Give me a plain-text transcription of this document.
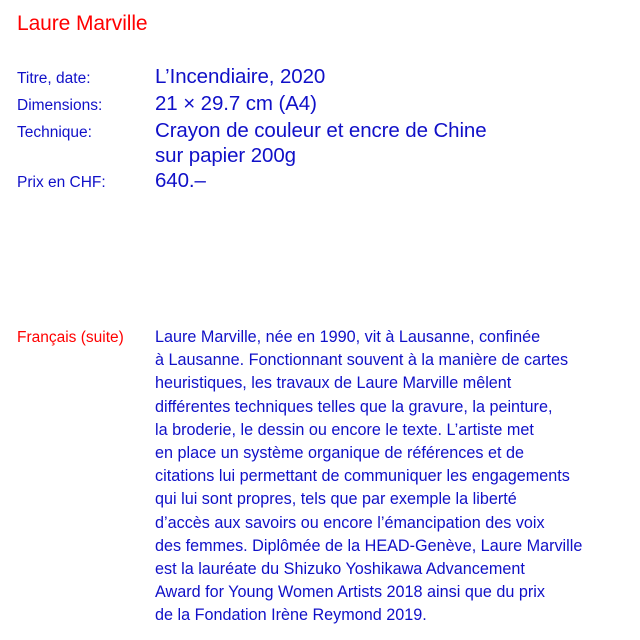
Laure Marville
Titre, date:	L’Incendiaire, 2020
Dimensions:	21 × 29.7 cm (A4)
Technique:	Crayon de couleur et encre de Chine
sur papier 200g
Prix en CHF:	640.–
Français (suite)	Laure Marville, née en 1990, vit à Lausanne, confinée
à Lausanne. Fonctionnant souvent à la manière de cartes
heuristiques, les travaux de Laure Marville mêlent
différentes techniques telles que la gravure, la peinture,
la broderie, le dessin ou encore le texte. L’artiste met
en place un système organique de références et de
citations lui permettant de communiquer les engagements
qui lui sont propres, tels que par exemple la liberté
d’accès aux savoirs ou encore l’émancipation des voix
des femmes. Diplômée de la HEAD-Genève, Laure Marville
est la lauréate du Shizuko Yoshikawa Advancement
Award for Young Women Artists 2018 ainsi que du prix
de la Fondation Irène Reymond 2019.
